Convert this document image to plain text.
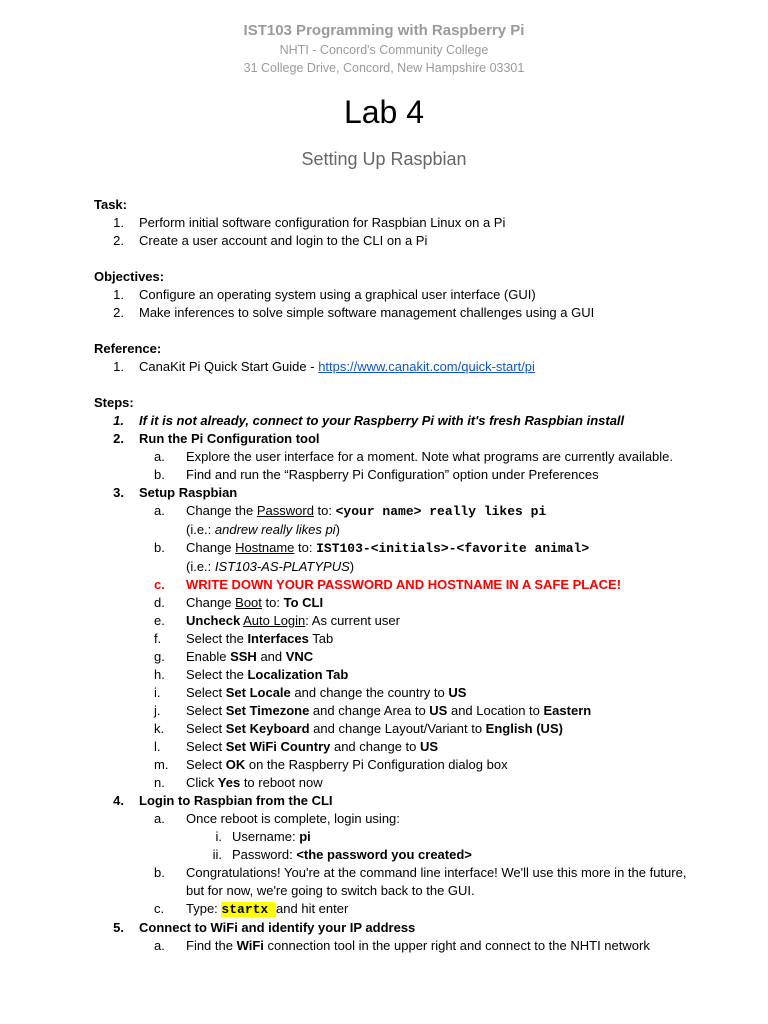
IST103 Programming with Raspberry Pi
NHTI - Concord's Community College
31 College Drive, Concord, New Hampshire 03301
Lab 4
Setting Up Raspbian
Task:
1. Perform initial software configuration for Raspbian Linux on a Pi
2. Create a user account and login to the CLI on a Pi
Objectives:
1. Configure an operating system using a graphical user interface (GUI)
2. Make inferences to solve simple software management challenges using a GUI
Reference:
1. CanaKit Pi Quick Start Guide - https://www.canakit.com/quick-start/pi
Steps:
1. If it is not already, connect to your Raspberry Pi with it's fresh Raspbian install
2. Run the Pi Configuration tool
a.	Explore the user interface for a moment. Note what programs are currently available.
b.	Find and run the “Raspberry Pi Configuration” option under Preferences
3. Setup Raspbian
a.	Change the Password to: <your name> really likes pi
(i.e.: andrew really likes pi)
b.	Change Hostname to: IST103-<initials>-<favorite animal>
(i.e.: IST103-AS-PLATYPUS)
c.	WRITE DOWN YOUR PASSWORD AND HOSTNAME IN A SAFE PLACE!
d.	Change Boot to: To CLI
e.	Uncheck Auto Login: As current user
f.	Select the Interfaces Tab
g.	Enable SSH and VNC
h.	Select the Localization Tab
i.	Select Set Locale and change the country to US
j.	Select Set Timezone and change Area to US and Location to Eastern
k.	Select Set Keyboard and change Layout/Variant to English (US)
l.	Select Set WiFi Country and change to US
m.	Select OK on the Raspberry Pi Configuration dialog box
n.	Click Yes to reboot now
4. Login to Raspbian from the CLI
a.	Once reboot is complete, login using:
i. Username: pi
ii. Password: <the password you created>
b.	Congratulations! You're at the command line interface! We'll use this more in the future,
but for now, we're going to switch back to the GUI.
c.	Type: startx and hit enter
5. Connect to WiFi and identify your IP address
a.	Find the WiFi connection tool in the upper right and connect to the NHTI network
